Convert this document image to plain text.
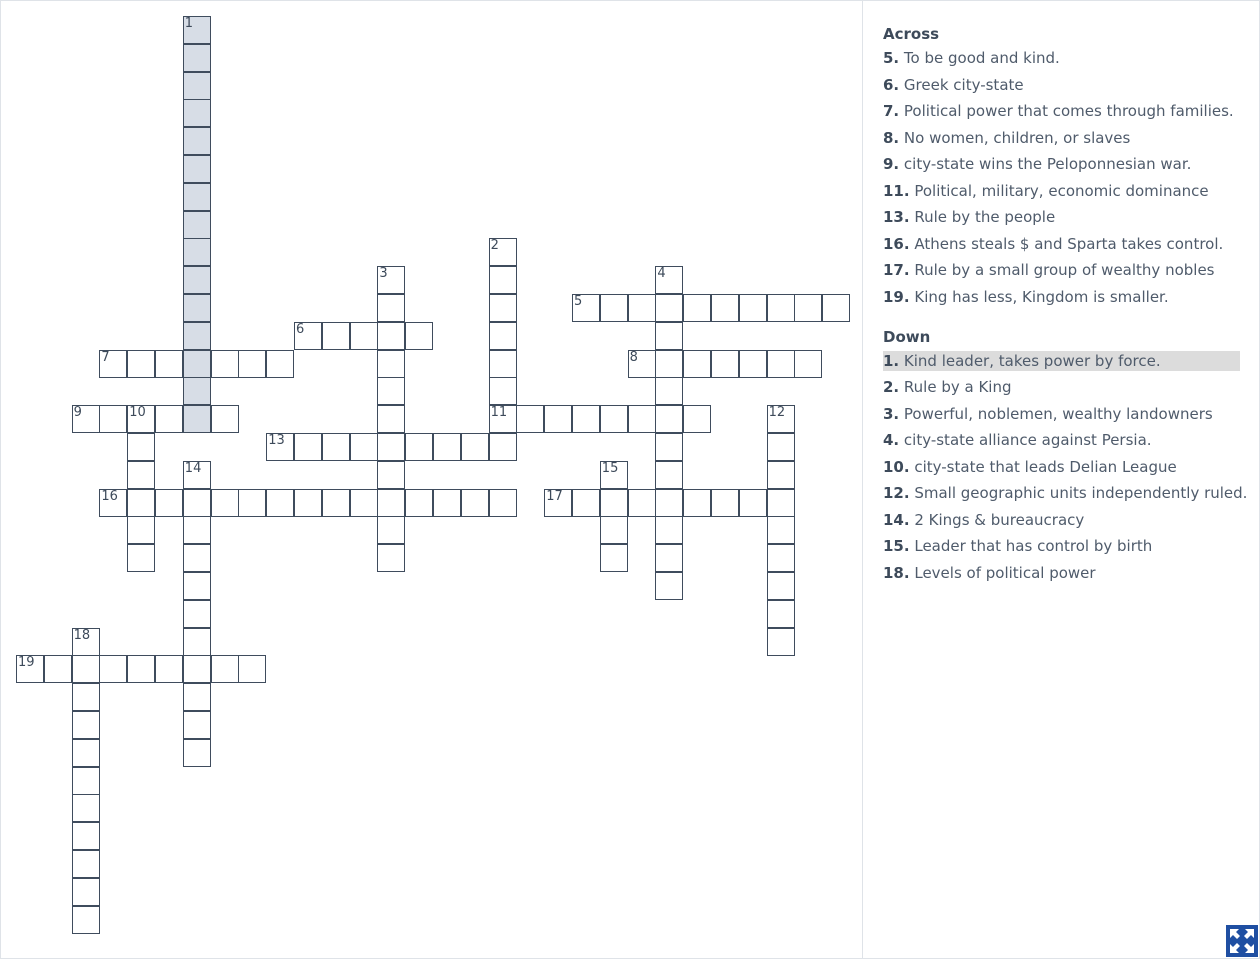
1
2
11
3	4
5
6
7	8
9	10	12
13
14	15
16	17
18
19
Across
5. To be good and kind.
6. Greek city-state
7. Political power that comes through families.
8. No women, children, or slaves
9. city-state wins the Peloponnesian war.
11. Political, military, economic dominance
13. Rule by the people
16. Athens steals $ and Sparta takes control.
17. Rule by a small group of wealthy nobles
19. King has less, Kingdom is smaller.
Down
1. Kind leader, takes power by force.
2. Rule by a King
3. Powerful, noblemen, wealthy landowners
4. city-state alliance against Persia.
10. city-state that leads Delian League
12. Small geographic units independently ruled.
14. 2 Kings & bureaucracy
15. Leader that has control by birth
18. Levels of political power
